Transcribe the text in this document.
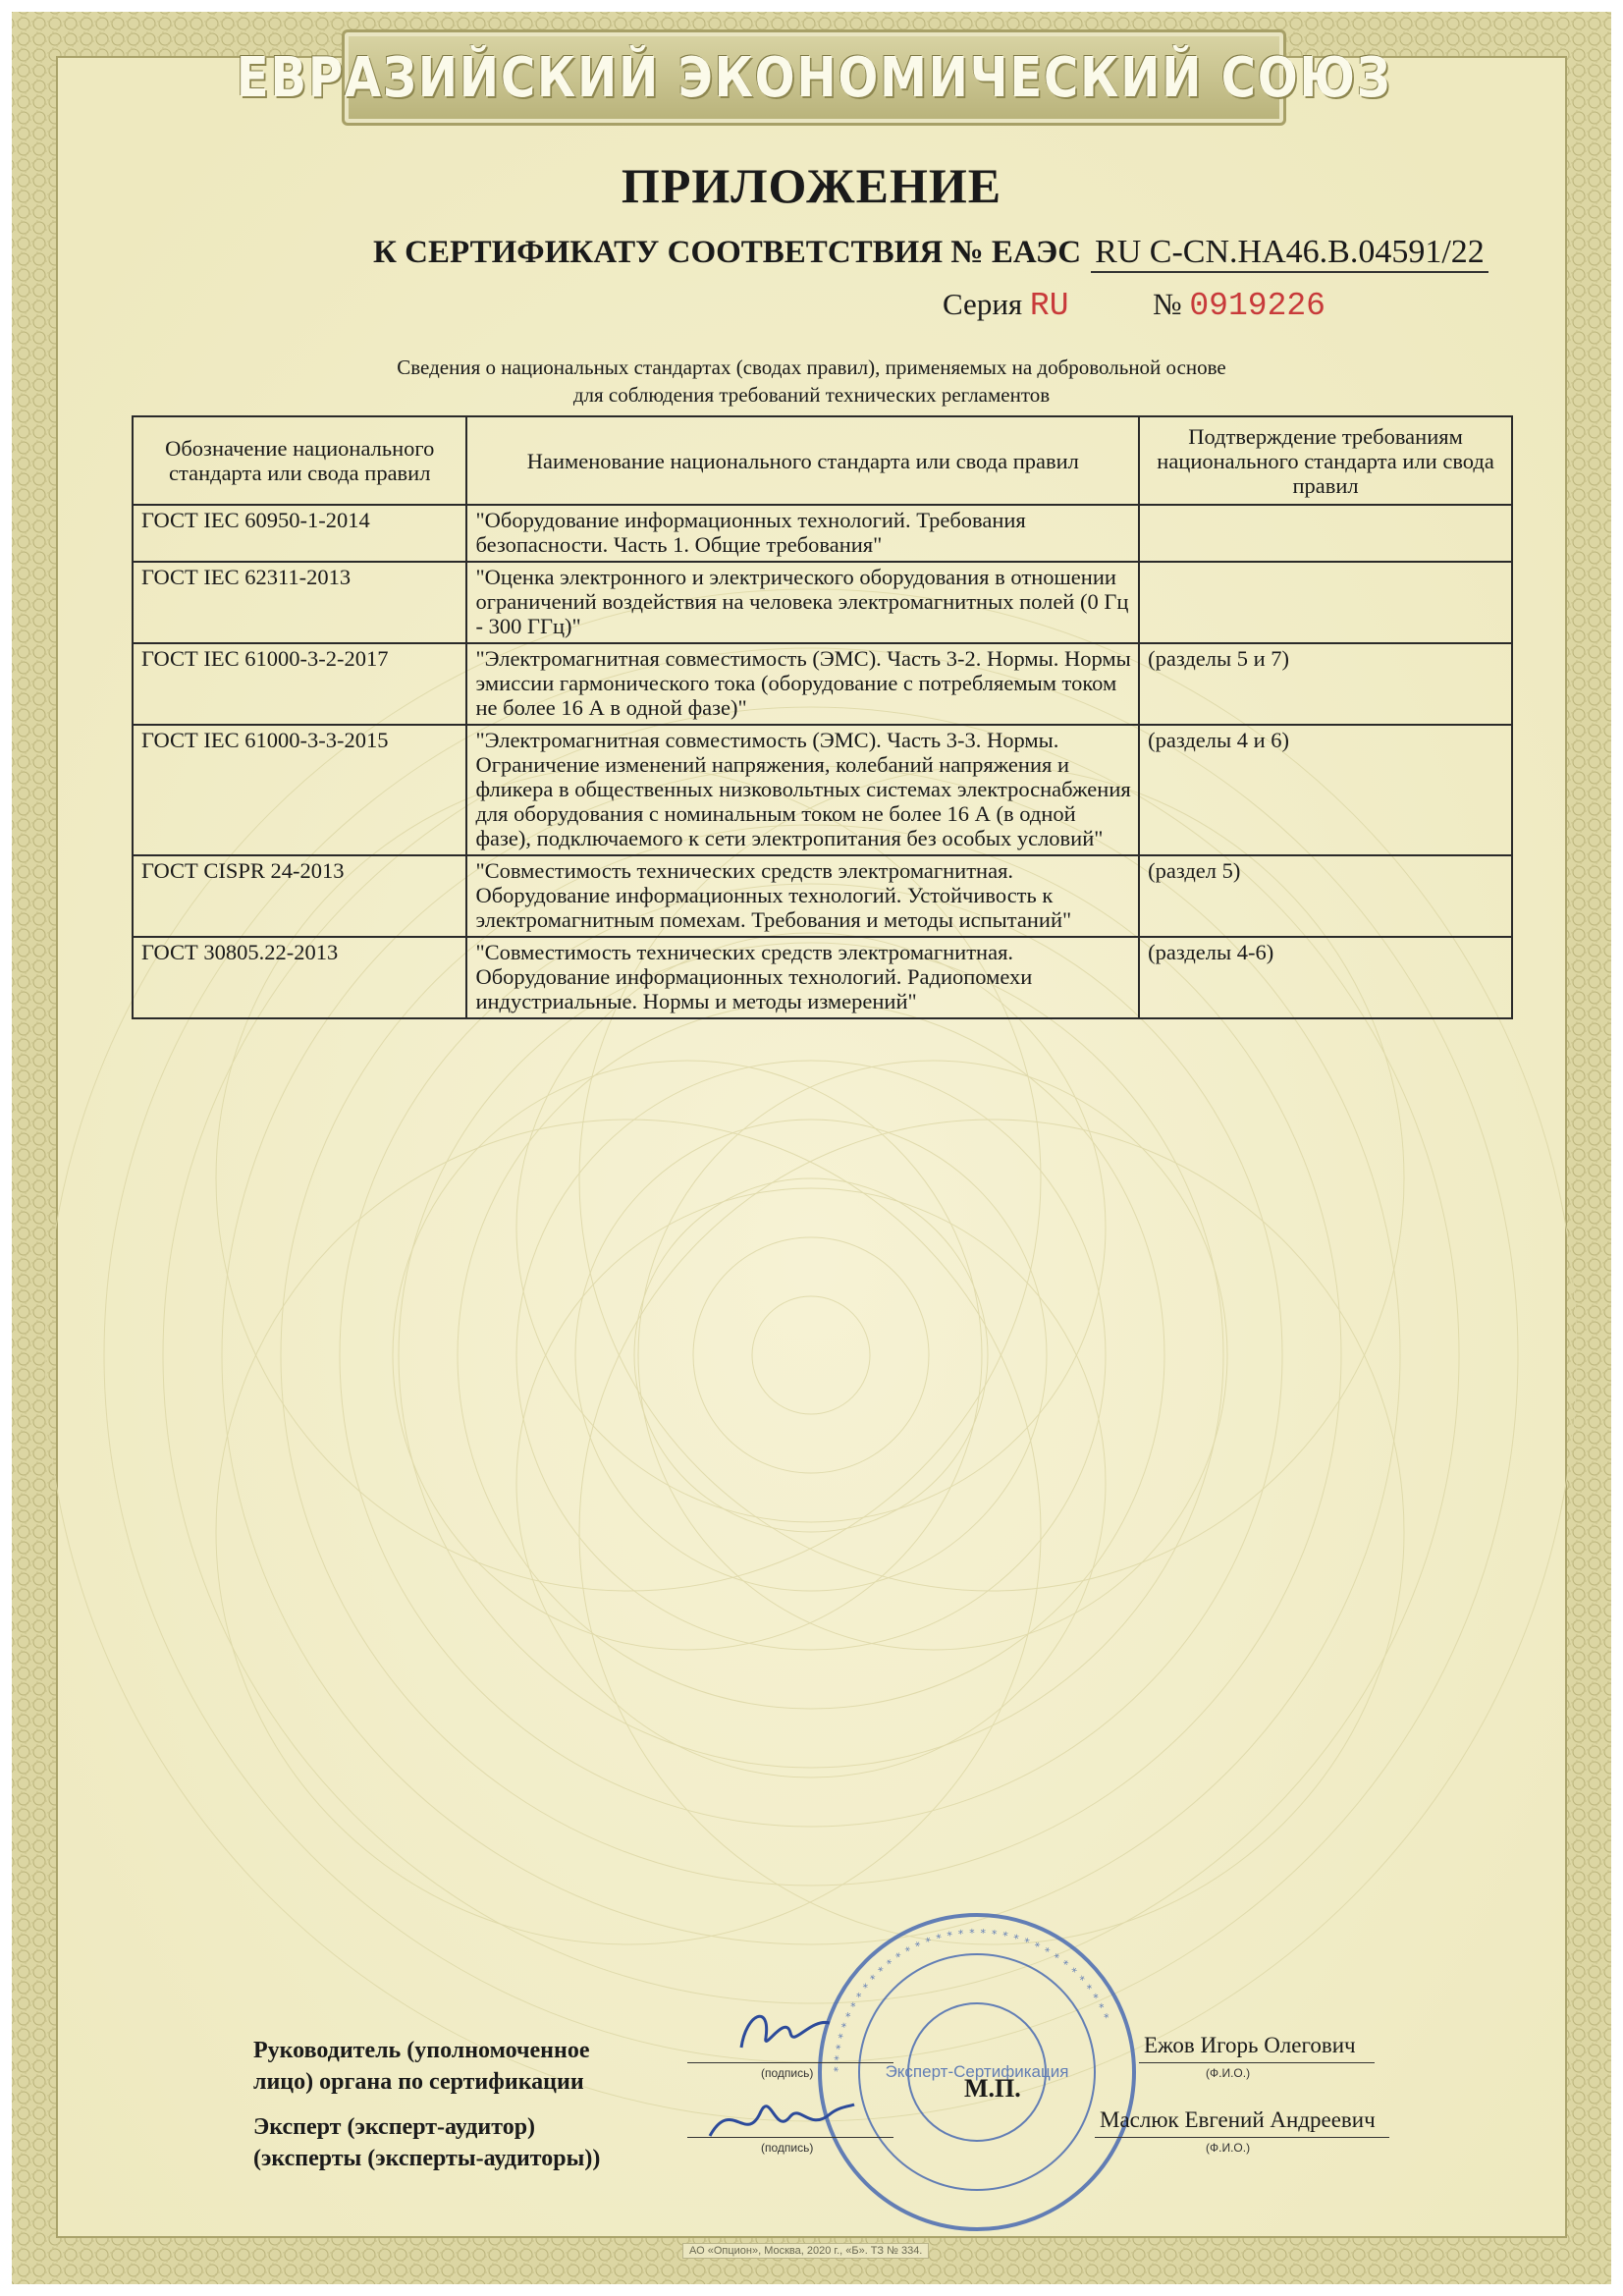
ЕВРАЗИЙСКИЙ ЭКОНОМИЧЕСКИЙ СОЮЗ
ПРИЛОЖЕНИЕ
К СЕРТИФИКАТУ СООТВЕТСТВИЯ № ЕАЭС RU C-CN.HA46.B.04591/22
Серия RU	№ 0919226
Сведения о национальных стандартах (сводах правил), применяемых на добровольной основе
для соблюдения требований технических регламентов
Обозначение национального стандарта или свода правил	Наименование национального стандарта или свода правил	Подтверждение требованиям национального стандарта или свода правил
ГОСТ IEC 60950-1-2014	"Оборудование информационных технологий. Требования безопасности. Часть 1. Общие требования"	
ГОСТ IEC 62311-2013	"Оценка электронного и электрического оборудования в отношении ограничений воздействия на человека электромагнитных полей (0 Гц - 300 ГГц)"	
ГОСТ IEC 61000-3-2-2017	"Электромагнитная совместимость (ЭМС). Часть 3-2. Нормы. Нормы эмиссии гармонического тока (оборудование с потребляемым током не более 16 А в одной фазе)"	(разделы 5 и 7)
ГОСТ IEC 61000-3-3-2015	"Электромагнитная совместимость (ЭМС). Часть 3-3. Нормы. Ограничение изменений напряжения, колебаний напряжения и фликера в общественных низковольтных системах электроснабжения для оборудования с номинальным током не более 16 А (в одной фазе), подключаемого к сети электропитания без особых условий"	(разделы 4 и 6)
ГОСТ CISPR 24-2013	"Совместимость технических средств электромагнитная. Оборудование информационных технологий. Устойчивость к электромагнитным помехам. Требования и методы испытаний"	(раздел 5)
ГОСТ 30805.22-2013	"Совместимость технических средств электромагнитная. Оборудование информационных технологий. Радиопомехи индустриальные. Нормы и методы измерений"	(разделы 4-6)
* * * * * * * * * * * * * * * * * * * * * * * * * * * * * * * * * * *
Эксперт-Сертификация
Руководитель (уполномоченное
лицо) органа по сертификации	(подпись)
Ежов Игорь Олегович
(Ф.И.О.)
М.П.
Эксперт (эксперт-аудитор)
(эксперты (эксперты-аудиторы))	(подпись)
Маслюк Евгений Андреевич
(Ф.И.О.)
АО «Опцион», Москва, 2020 г., «Б». ТЗ № 334.
